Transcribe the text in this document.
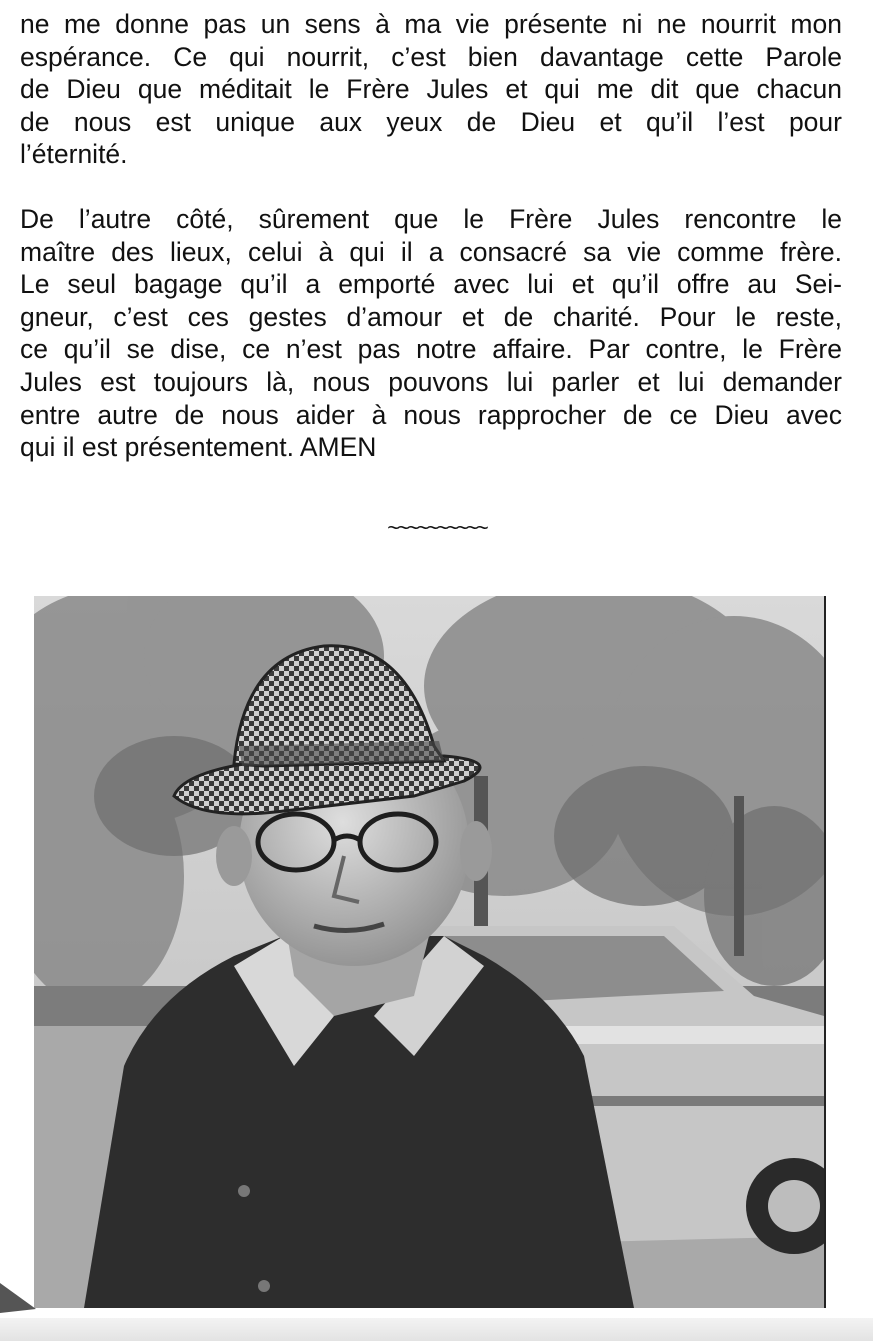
ne me donne pas un sens à ma vie présente ni ne nourrit mon
espérance. Ce qui nourrit, c’est bien davantage cette Parole
de Dieu que méditait le Frère Jules et qui me dit que chacun
de nous est unique aux yeux de Dieu et qu’il l’est pour
l’éternité.

De l’autre côté, sûrement que le Frère Jules rencontre le
maître des lieux, celui à qui il a consacré sa vie comme frère.
Le seul bagage qu’il a emporté avec lui et qu’il offre au Sei-
gneur, c’est ces gestes d’amour et de charité. Pour le reste,
ce qu’il se dise, ce n’est pas notre affaire. Par contre, le Frère
Jules est toujours là, nous pouvons lui parler et lui demander
entre autre de nous aider à nous rapprocher de ce Dieu avec
qui il est présentement. AMEN

~~~~~~~~~~
